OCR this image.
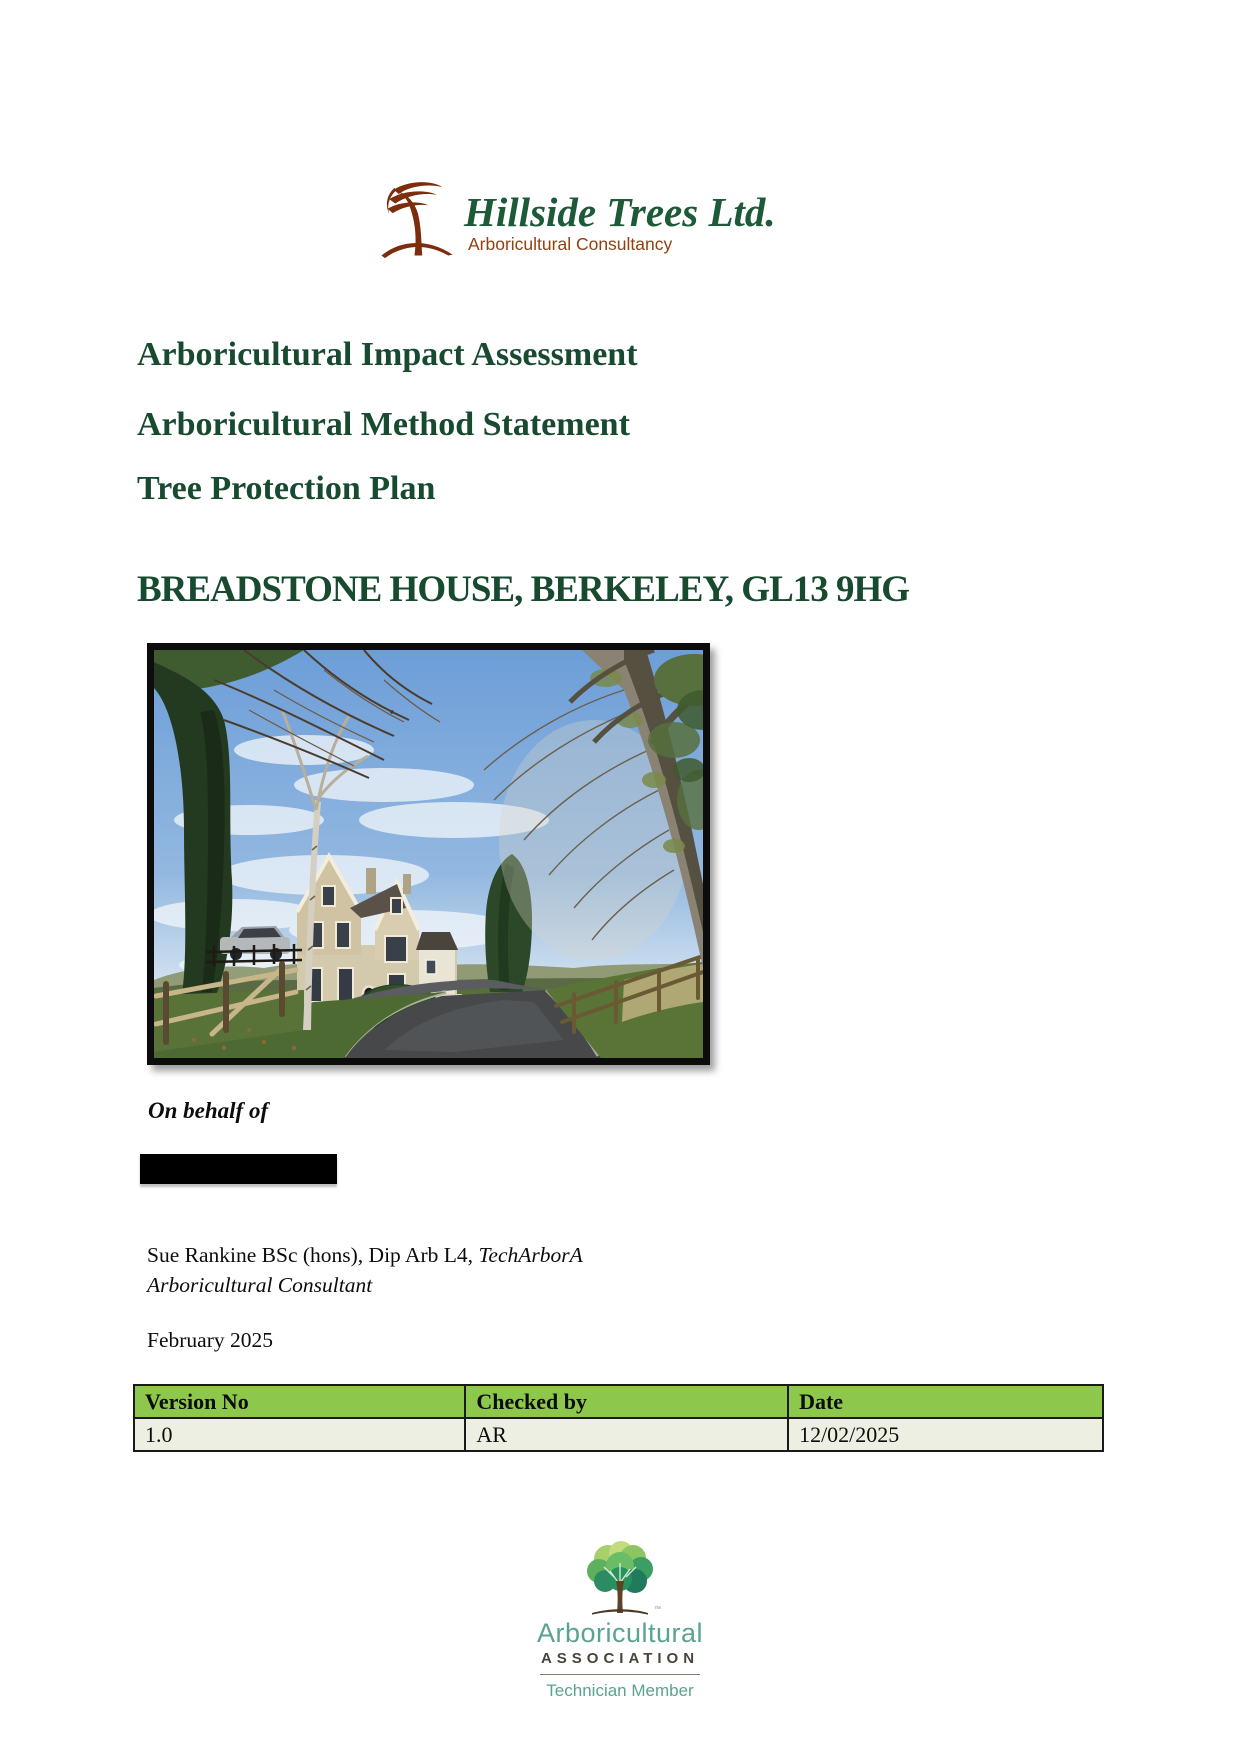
Hillside Trees Ltd.
Arboricultural Consultancy
Arboricultural Impact Assessment
Arboricultural Method Statement
Tree Protection Plan
BREADSTONE HOUSE, BERKELEY, GL13 9HG
On behalf of
Sue Rankine BSc (hons), Dip Arb L4, TechArborA
Arboricultural Consultant
February 2025
Version No	Checked by	Date
1.0	AR	12/02/2025
™
Arboricultural
ASSOCIATION
Technician Member
